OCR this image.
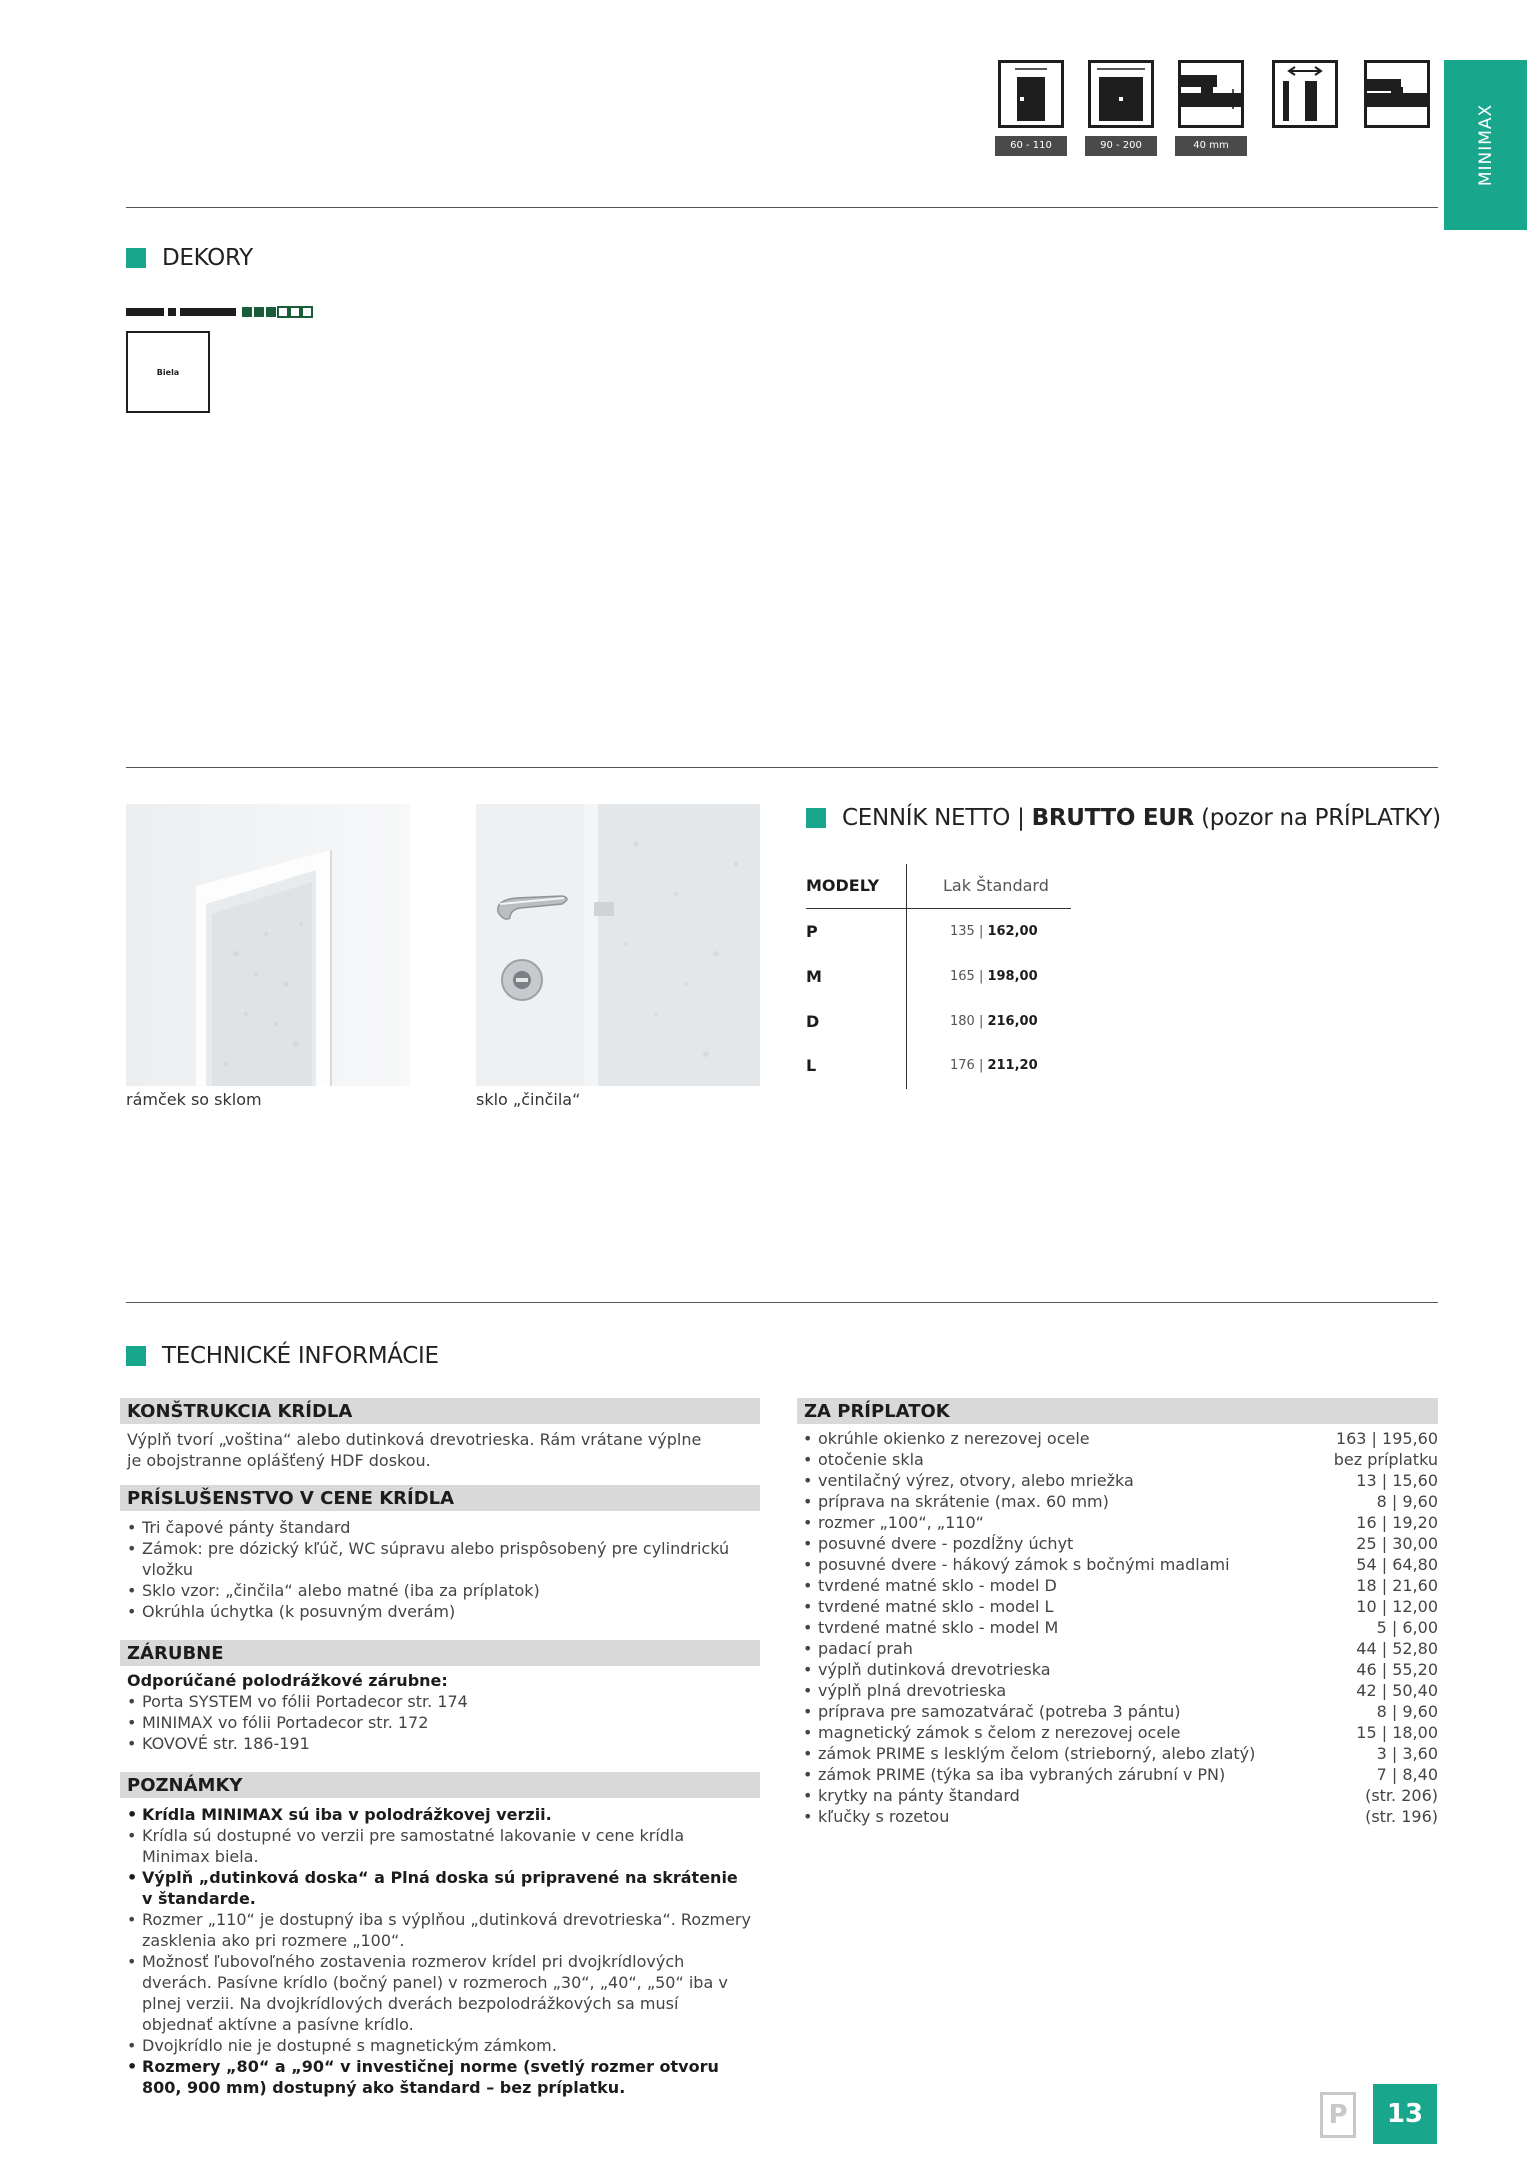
MINIMAX
60 - 110	90 - 200	40 mm
DEKORY
Biela
rámček so sklom	sklo „činčila“
CENNÍK NETTO | BRUTTO EUR (pozor na PRÍPLATKY)
MODELY	Lak Štandard
P	135 | 162,00
M	165 | 198,00
D	180 | 216,00
L	176 | 211,20
TECHNICKÉ INFORMÁCIE
KONŠTRUKCIA KRÍDLA
Výplň tvorí „voština“ alebo dutinková drevotrieska. Rám vrátane výplne
je obojstranne oplášťený HDF doskou.
PRÍSLUŠENSTVO V CENE KRÍDLA
• Tri čapové pánty štandard
• Zámok: pre dózický kľúč, WC súpravu alebo prispôsobený pre cylindrickú vložku
• Sklo vzor: „činčila“ alebo matné (iba za príplatok)
• Okrúhla úchytka (k posuvným dverám)
ZÁRUBNE
Odporúčané polodrážkové zárubne:
• Porta SYSTEM vo fólii Portadecor str. 174
• MINIMAX vo fólii Portadecor str. 172
• KOVOVÉ str. 186-191
POZNÁMKY
• Krídla MINIMAX sú iba v polodrážkovej verzii.
• Krídla sú dostupné vo verzii pre samostatné lakovanie v cene krídla Minimax biela.
• Výplň „dutinková doska“ a Plná doska sú pripravené na skrátenie v štandarde.
• Rozmer „110“ je dostupný iba s výplňou „dutinková drevotrieska“. Rozmery zasklenia ako pri rozmere „100“.
• Možnosť ľubovoľného zostavenia rozmerov krídel pri dvojkrídlových dverách. Pasívne krídlo (bočný panel) v rozmeroch „30“, „40“, „50“ iba v plnej verzii. Na dvojkrídlových dverách bezpolodrážkových sa musí objednať aktívne a pasívne krídlo.
• Dvojkrídlo nie je dostupné s magnetickým zámkom.
• Rozmery „80“ a „90“ v investičnej norme (svetlý rozmer otvoru 800, 900 mm) dostupný ako štandard – bez príplatku.
ZA PRÍPLATOK
• okrúhle okienko z nerezovej ocele	163 | 195,60
• otočenie skla	bez príplatku
• ventilačný výrez, otvory, alebo mriežka	13 | 15,60
• príprava na skrátenie (max. 60 mm)	8 | 9,60
• rozmer „100“, „110“	16 | 19,20
• posuvné dvere - pozdĺžny úchyt	25 | 30,00
• posuvné dvere - hákový zámok s bočnými madlami	54 | 64,80
• tvrdené matné sklo - model D	18 | 21,60
• tvrdené matné sklo - model L	10 | 12,00
• tvrdené matné sklo - model M	5 | 6,00
• padací prah	44 | 52,80
• výplň dutinková drevotrieska	46 | 55,20
• výplň plná drevotrieska	42 | 50,40
• príprava pre samozatvárač (potreba 3 pántu)	8 | 9,60
• magnetický zámok s čelom z nerezovej ocele	15 | 18,00
• zámok PRIME s lesklým čelom (strieborný, alebo zlatý)	3 | 3,60
• zámok PRIME (týka sa iba vybraných zárubní v PN)	7 | 8,40
• krytky na pánty štandard	(str. 206)
• kľučky s rozetou	(str. 196)
P 13
